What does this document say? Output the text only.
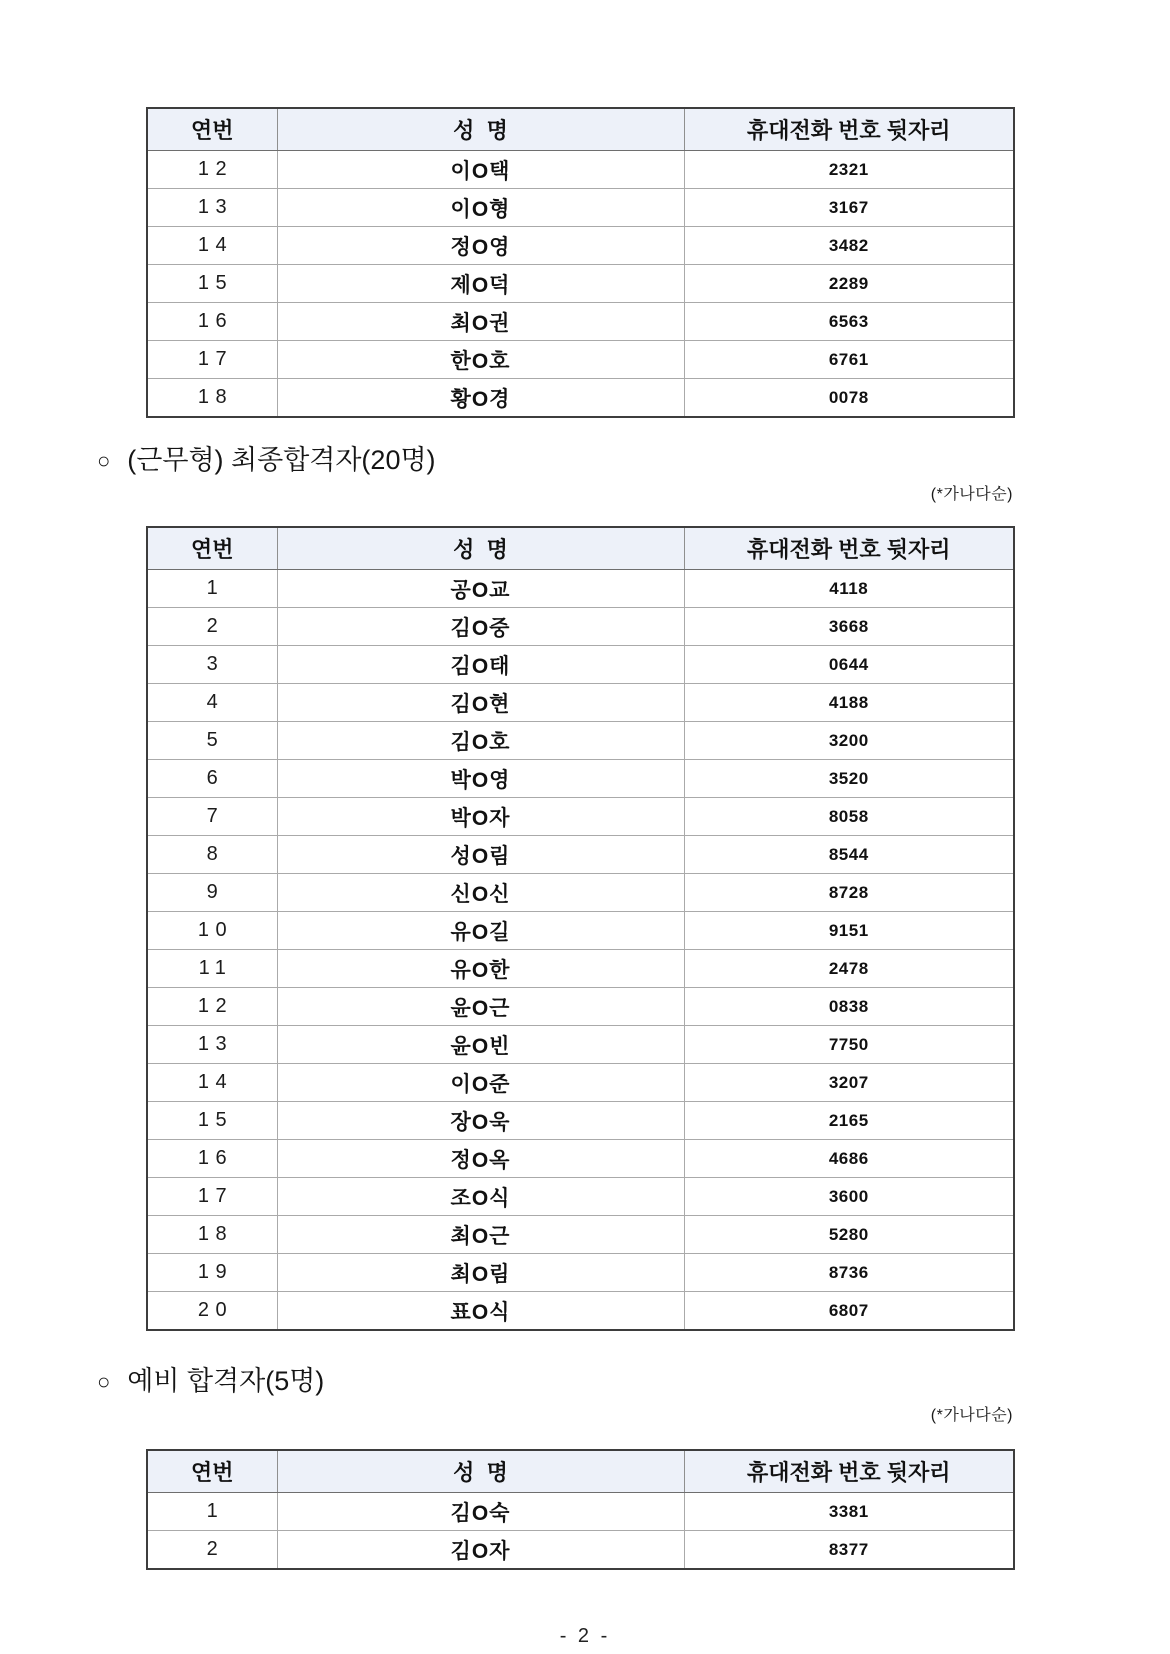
연번	성  명	휴대전화 번호 뒷자리
12	이O택	2321
13	이O형	3167
14	정O영	3482
15	제O덕	2289
16	최O권	6563
17	한O호	6761
18	황O경	0078
○ (근무형) 최종합격자(20명)
(*가나다순)
연번	성  명	휴대전화 번호 뒷자리
1	공O교	4118
2	김O중	3668
3	김O태	0644
4	김O현	4188
5	김O호	3200
6	박O영	3520
7	박O자	8058
8	성O림	8544
9	신O신	8728
10	유O길	9151
11	유O한	2478
12	윤O근	0838
13	윤O빈	7750
14	이O준	3207
15	장O욱	2165
16	정O옥	4686
17	조O식	3600
18	최O근	5280
19	최O림	8736
20	표O식	6807
○ 예비 합격자(5명)
(*가나다순)
연번	성  명	휴대전화 번호 뒷자리
1	김O숙	3381
2	김O자	8377
- 2 -
